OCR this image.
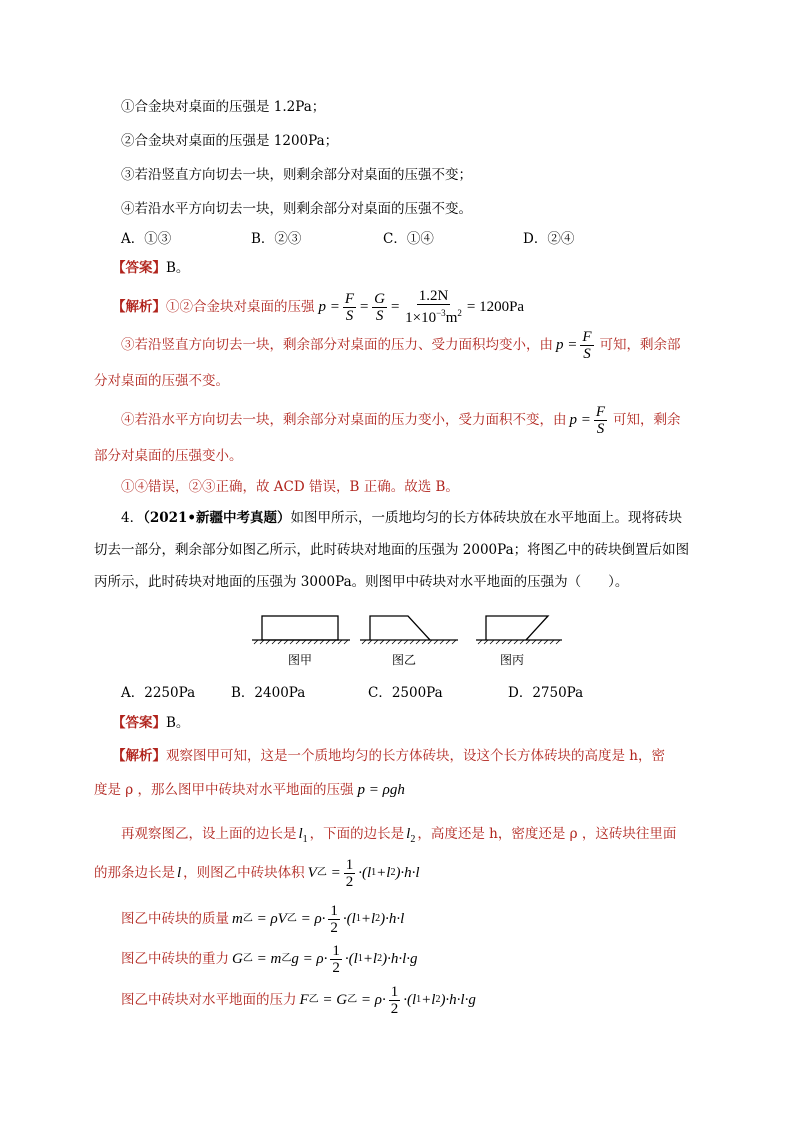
①合金块对桌面的压强是 1.2Pa；
②合金块对桌面的压强是 1200Pa；
③若沿竖直方向切去一块，则剩余部分对桌面的压强不变；
④若沿水平方向切去一块，则剩余部分对桌面的压强不变。
A．①③	B．②③	C．①④	D．②④
【答案】B。
【解析】 ①②合金块对桌面的压强 $p = \frac{F}{S} = \frac{G}{S} = \frac{1.2N}{1\times 10^{-3}m^2} = 1200Pa$
③若沿竖直方向切去一块，剩余部分对桌面的压力、受力面积均变小，由 $p = \frac{F}{S}$ 可知，剩余部
分对桌面的压强不变。
④若沿水平方向切去一块，剩余部分对桌面的压力变小，受力面积不变，由 $p = \frac{F}{S}$ 可知，剩余
部分对桌面的压强变小。
①④错误，②③正确，故 ACD 错误，B 正确。故选 B。
4．（2021•新疆中考真题）如图甲所示，一质地均匀的长方体砖块放在水平地面上。现将砖块
切去一部分，剩余部分如图乙所示，此时砖块对地面的压强为 2000Pa；将图乙中的砖块倒置后如图
丙所示，此时砖块对地面的压强为 3000Pa。则图甲中砖块对水平地面的压强为（　　）。
图甲	图乙	图丙
A．2250Pa	B．2400Pa	C．2500Pa	D．2750Pa
【答案】B。
【解析】观察图甲可知，这是一个质地均匀的长方体砖块，设这个长方体砖块的高度是 h，密
度是 ρ ，那么图甲中砖块对水平地面的压强 p = ρgh
再观察图乙，设上面的边长是 $l_1$ ，下面的边长是 $l_2$ ，高度还是 h，密度还是 ρ ，这砖块往里面
的那条边长是 l ，则图乙中砖块体积 V 乙 = $\frac{1}{2} \cdot(l$ 1 +l 2 )·h·l
图乙中砖块的质量 m 乙 = ρV 乙 = $\rho\cdot \frac{1}{2} \cdot(l$ 1 +l 2 )·h·l
图乙中砖块的重力 G 乙 = m 乙 $g = \rho\cdot \frac{1}{2} \cdot(l$ 1 +l 2 )·h·l·g
图乙中砖块对水平地面的压力 F 乙 = G 乙 = $\rho\cdot \frac{1}{2} \cdot(l$ 1 +l 2 )·h·l·g
